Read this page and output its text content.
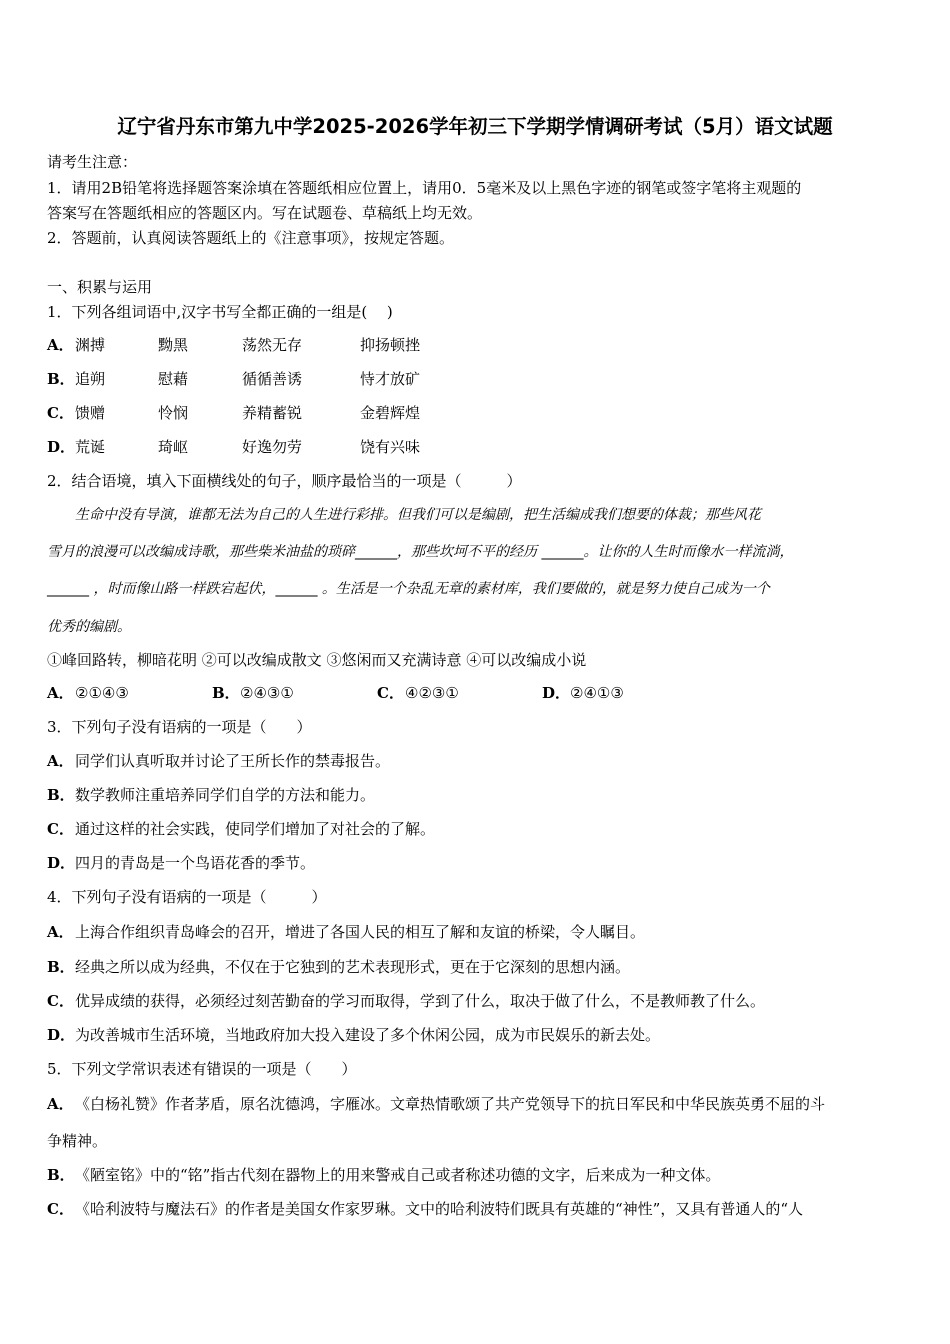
辽宁省丹东市第九中学2025-2026学年初三下学期学情调研考试（5月）语文试题
请考生注意：
1．请用2B铅笔将选择题答案涂填在答题纸相应位置上，请用0．5毫米及以上黑色字迹的钢笔或签字笔将主观题的
答案写在答题纸相应的答题区内。写在试题卷、草稿纸上均无效。
2．答题前，认真阅读答题纸上的《注意事项》，按规定答题。
一、积累与运用
1．下列各组词语中,汉字书写全都正确的一组是(　 )
A． 渊搏	黝黑	荡然无存	抑扬顿挫
B． 追朔	慰藉	循循善诱	恃才放矿
C． 馈赠	怜悯	养精蓄锐	金碧辉煌
D． 荒诞	琦岖	好逸勿劳	饶有兴味
2．结合语境，填入下面横线处的句子，顺序最恰当的一项是（　　　）
　　生命中没有导演，谁都无法为自己的人生进行彩排。但我们可以是编剧，把生活编成我们想要的体裁；那些风花
雪月的浪漫可以改编成诗歌，那些柴米油盐的琐碎______，那些坎坷不平的经历 ______。让你的人生时而像水一样流淌，
______ ，时而像山路一样跌宕起伏，______ 。生活是一个杂乱无章的素材库，我们要做的，就是努力使自己成为一个
优秀的编剧。
①峰回路转，柳暗花明 ②可以改编成散文 ③悠闲而又充满诗意 ④可以改编成小说
A． ②①④③	B． ②④③①	C． ④②③①	D． ②④①③
3．下列句子没有语病的一项是（　　）
A． 同学们认真听取并讨论了王所长作的禁毒报告。
B． 数学教师注重培养同学们自学的方法和能力。
C． 通过这样的社会实践，使同学们增加了对社会的了解。
D． 四月的青岛是一个鸟语花香的季节。
4．下列句子没有语病的一项是（　　　）
A． 上海合作组织青岛峰会的召开，增进了各国人民的相互了解和友谊的桥梁，令人瞩目。
B． 经典之所以成为经典，不仅在于它独到的艺术表现形式，更在于它深刻的思想内涵。
C． 优异成绩的获得，必须经过刻苦勤奋的学习而取得，学到了什么，取决于做了什么，不是教师教了什么。
D． 为改善城市生活环境，当地政府加大投入建设了多个休闲公园，成为市民娱乐的新去处。
5．下列文学常识表述有错误的一项是（　　）
A． 《白杨礼赞》作者茅盾，原名沈德鸿，字雁冰。文章热情歌颂了共产党领导下的抗日军民和中华民族英勇不屈的斗
争精神。
B． 《陋室铭》中的“铭”指古代刻在器物上的用来警戒自己或者称述功德的文字，后来成为一种文体。
C． 《哈利波特与魔法石》的作者是美国女作家罗琳。文中的哈利波特们既具有英雄的“神性”，又具有普通人的“人
